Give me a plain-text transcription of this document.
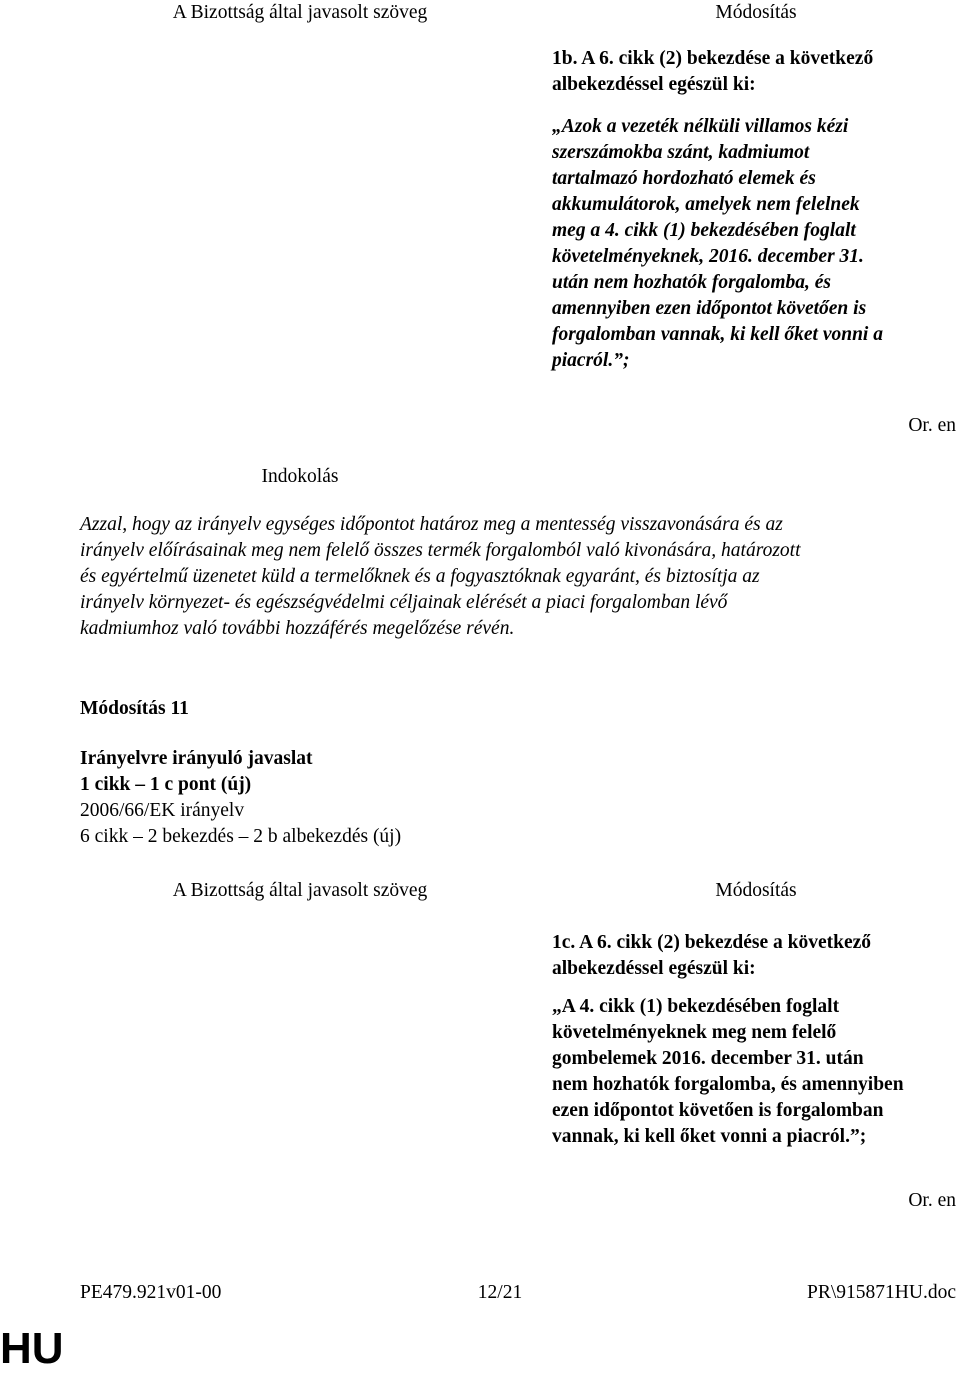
A Bizottság által javasolt szöveg	Módosítás
1b. A 6. cikk (2) bekezdése a következő
albekezdéssel egészül ki:
„Azok a vezeték nélküli villamos kézi
szerszámokba szánt, kadmiumot
tartalmazó hordozható elemek és
akkumulátorok, amelyek nem felelnek
meg a 4. cikk (1) bekezdésében foglalt
követelményeknek, 2016. december 31.
után nem hozhatók forgalomba, és
amennyiben ezen időpontot követően is
forgalomban vannak, ki kell őket vonni a
piacról.”;
Or. en
Indokolás
Azzal, hogy az irányelv egységes időpontot határoz meg a mentesség visszavonására és az
irányelv előírásainak meg nem felelő összes termék forgalomból való kivonására, határozott
és egyértelmű üzenetet küld a termelőknek és a fogyasztóknak egyaránt, és biztosítja az
irányelv környezet- és egészségvédelmi céljainak elérését a piaci forgalomban lévő
kadmiumhoz való további hozzáférés megelőzése révén.
Módosítás 11
Irányelvre irányuló javaslat
1 cikk – 1 c pont (új)
2006/66/EK irányelv
6 cikk – 2 bekezdés – 2 b albekezdés (új)
A Bizottság által javasolt szöveg	Módosítás
1c. A 6. cikk (2) bekezdése a következő
albekezdéssel egészül ki:
„A 4. cikk (1) bekezdésében foglalt
követelményeknek meg nem felelő
gombelemek 2016. december 31. után
nem hozhatók forgalomba, és amennyiben
ezen időpontot követően is forgalomban
vannak, ki kell őket vonni a piacról.”;
Or. en
PE479.921v01-00	12/21	PR\915871HU.doc
HU
